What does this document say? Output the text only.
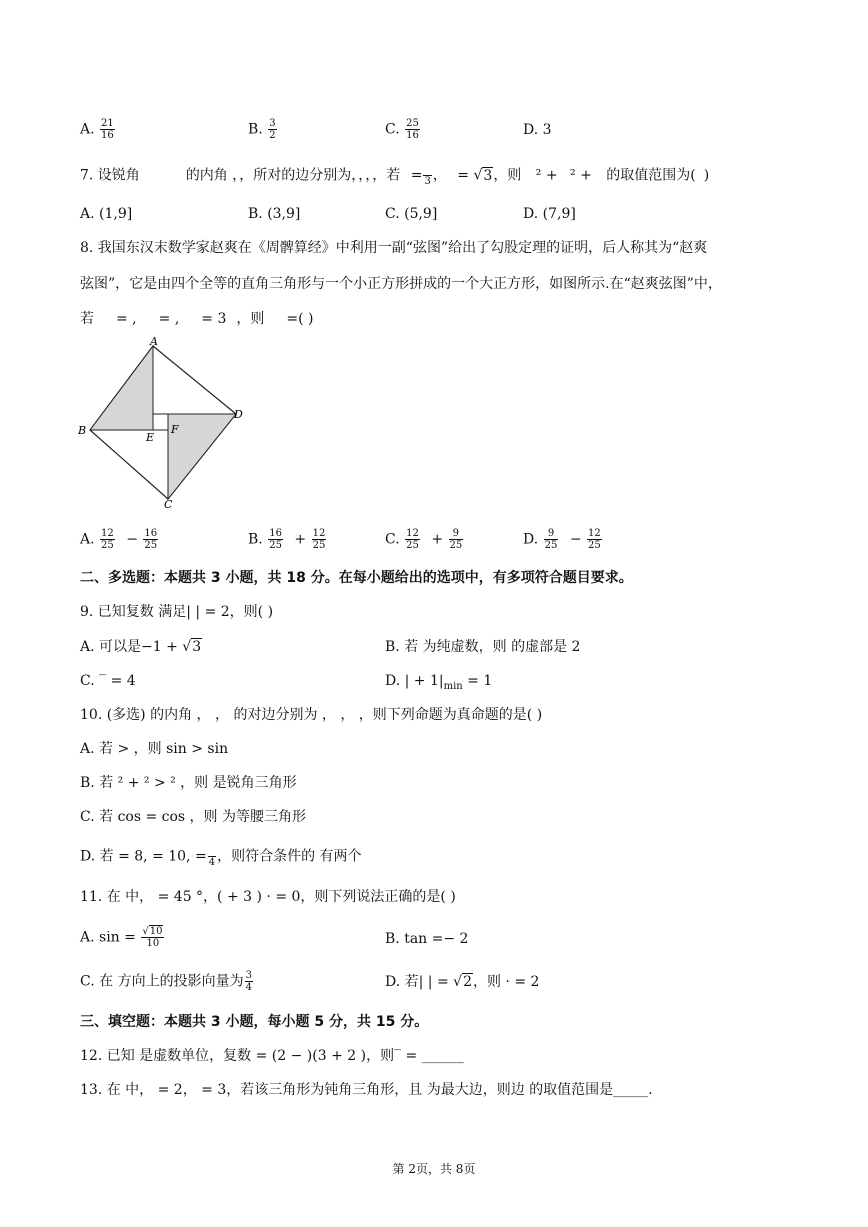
A. $\frac{21}{16}$	B. $\frac{3}{2}$	C. $\frac{25}{16}$	D. 3
7. 设锐角	的内角 ，，所对的边分别为，，，，若 =
3 ， = √3，则 ² + ² + 的取值范围为( )
A. (1,9]	B. (3,9]	C. (5,9]	D. (7,9]
8. 我国东汉末数学家赵爽在《周髀算经》中利用一副“弦图”给出了勾股定理的证明，后人称其为“赵爽
弦图”，它是由四个全等的直角三角形与一个小正方形拼成的一个大正方形，如图所示.在“赵爽弦图”中，
若 = , = , = 3 ，则 =( )
A
B
C
D
E
F
A. $\frac{12}{25} - \frac{16}{25}$	B. $\frac{16}{25} + \frac{12}{25}$	C. $\frac{12}{25} + \frac{9}{25}$	D. $\frac{9}{25} - \frac{12}{25}$
二、多选题：本题共 3 小题，共 18 分。在每小题给出的选项中，有多项符合题目要求。
9. 已知复数 满足| | = 2，则( )
A. 可以是−1 + √3	B. 若 为纯虚数，则 的虚部是 2
C. ‾ = 4	D. | + $1|_{min} = 1$
10. (多选) 的内角 ， ， 的对边分别为 ， ， ，则下列命题为真命题的是( )
A. 若 > ，则 sin > sin
B. 若 ² + ² > ² ，则 是锐角三角形
C. 若 cos = cos ，则 为等腰三角形
D. 若 = 8, = 10, =
4 ，则符合条件的 有两个
11. 在 中， = 45 °，( + 3 ) · = 0，则下列说法正确的是( )
A. $\sin = \frac{√10}{10}$	B. tan =− 2
C. 在 方向上的投影向量为 $\frac{3}{4}$	D. 若| | = √2，则 · = 2
三、填空题：本题共 3 小题，每小题 5 分，共 15 分。
12. 已知 是虚数单位，复数 = (2 − )(3 + 2 )，则‾ = ______
13. 在 中， = 2， = 3，若该三角形为钝角三角形，且 为最大边，则边 的取值范围是_____.
第 2页，共 8页
